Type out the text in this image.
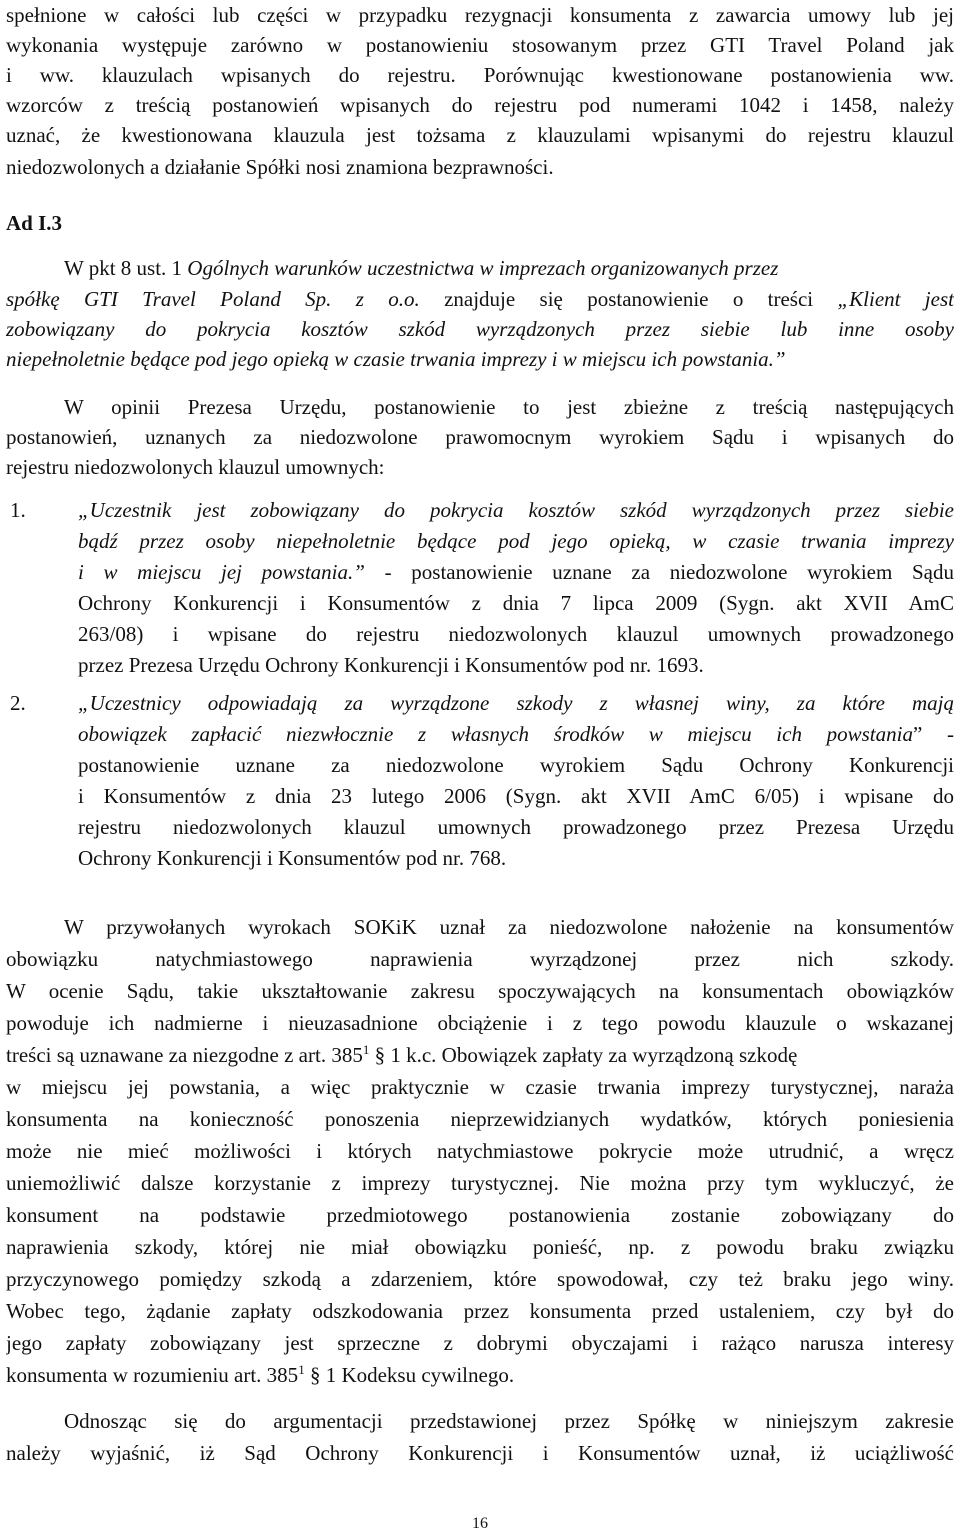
spełnione w całości lub części w przypadku rezygnacji konsumenta z zawarcia umowy lub jej
wykonania występuje zarówno w postanowieniu stosowanym przez GTI Travel Poland jak
i ww. klauzulach wpisanych do rejestru. Porównując kwestionowane postanowienia ww.
wzorców z treścią postanowień wpisanych do rejestru pod numerami 1042 i 1458, należy
uznać, że kwestionowana klauzula jest tożsama z klauzulami wpisanymi do rejestru klauzul
niedozwolonych a działanie Spółki nosi znamiona bezprawności.
Ad I.3
W pkt 8 ust. 1 Ogólnych warunków uczestnictwa w imprezach organizowanych przez
spółkę GTI Travel Poland Sp. z o.o. znajduje się postanowienie o treści „Klient jest
zobowiązany do pokrycia kosztów szkód wyrządzonych przez siebie lub inne osoby
niepełnoletnie będące pod jego opieką w czasie trwania imprezy i w miejscu ich powstania.”
W opinii Prezesa Urzędu, postanowienie to jest zbieżne z treścią następujących
postanowień, uznanych za niedozwolone prawomocnym wyrokiem Sądu i wpisanych do
rejestru niedozwolonych klauzul umownych:
1.	„Uczestnik jest zobowiązany do pokrycia kosztów szkód wyrządzonych przez siebie
bądź przez osoby niepełnoletnie będące pod jego opieką, w czasie trwania imprezy
i w miejscu jej powstania.” - postanowienie uznane za niedozwolone wyrokiem Sądu
Ochrony Konkurencji i Konsumentów z dnia 7 lipca 2009 (Sygn. akt XVII AmC
263/08) i wpisane do rejestru niedozwolonych klauzul umownych prowadzonego
przez Prezesa Urzędu Ochrony Konkurencji i Konsumentów pod nr. 1693.
2.	„Uczestnicy odpowiadają za wyrządzone szkody z własnej winy, za które mają
obowiązek zapłacić niezwłocznie z własnych środków w miejscu ich powstania” -
postanowienie uznane za niedozwolone wyrokiem Sądu Ochrony Konkurencji
i Konsumentów z dnia 23 lutego 2006 (Sygn. akt XVII AmC 6/05) i wpisane do
rejestru niedozwolonych klauzul umownych prowadzonego przez Prezesa Urzędu
Ochrony Konkurencji i Konsumentów pod nr. 768.
W przywołanych wyrokach SOKiK uznał za niedozwolone nałożenie na konsumentów
obowiązku natychmiastowego naprawienia wyrządzonej przez nich szkody.
W ocenie Sądu, takie ukształtowanie zakresu spoczywających na konsumentach obowiązków
powoduje ich nadmierne i nieuzasadnione obciążenie i z tego powodu klauzule o wskazanej
treści są uznawane za niezgodne z art. $385^1$ § 1 k.c. Obowiązek zapłaty za wyrządzoną szkodę
w miejscu jej powstania, a więc praktycznie w czasie trwania imprezy turystycznej, naraża
konsumenta na konieczność ponoszenia nieprzewidzianych wydatków, których poniesienia
może nie mieć możliwości i których natychmiastowe pokrycie może utrudnić, a wręcz
uniemożliwić dalsze korzystanie z imprezy turystycznej. Nie można przy tym wykluczyć, że
konsument na podstawie przedmiotowego postanowienia zostanie zobowiązany do
naprawienia szkody, której nie miał obowiązku ponieść, np. z powodu braku związku
przyczynowego pomiędzy szkodą a zdarzeniem, które spowodował, czy też braku jego winy.
Wobec tego, żądanie zapłaty odszkodowania przez konsumenta przed ustaleniem, czy był do
jego zapłaty zobowiązany jest sprzeczne z dobrymi obyczajami i rażąco narusza interesy
konsumenta w rozumieniu art. $385^1$ § 1 Kodeksu cywilnego.
Odnosząc się do argumentacji przedstawionej przez Spółkę w niniejszym zakresie
należy wyjaśnić, iż Sąd Ochrony Konkurencji i Konsumentów uznał, iż uciążliwość
16
